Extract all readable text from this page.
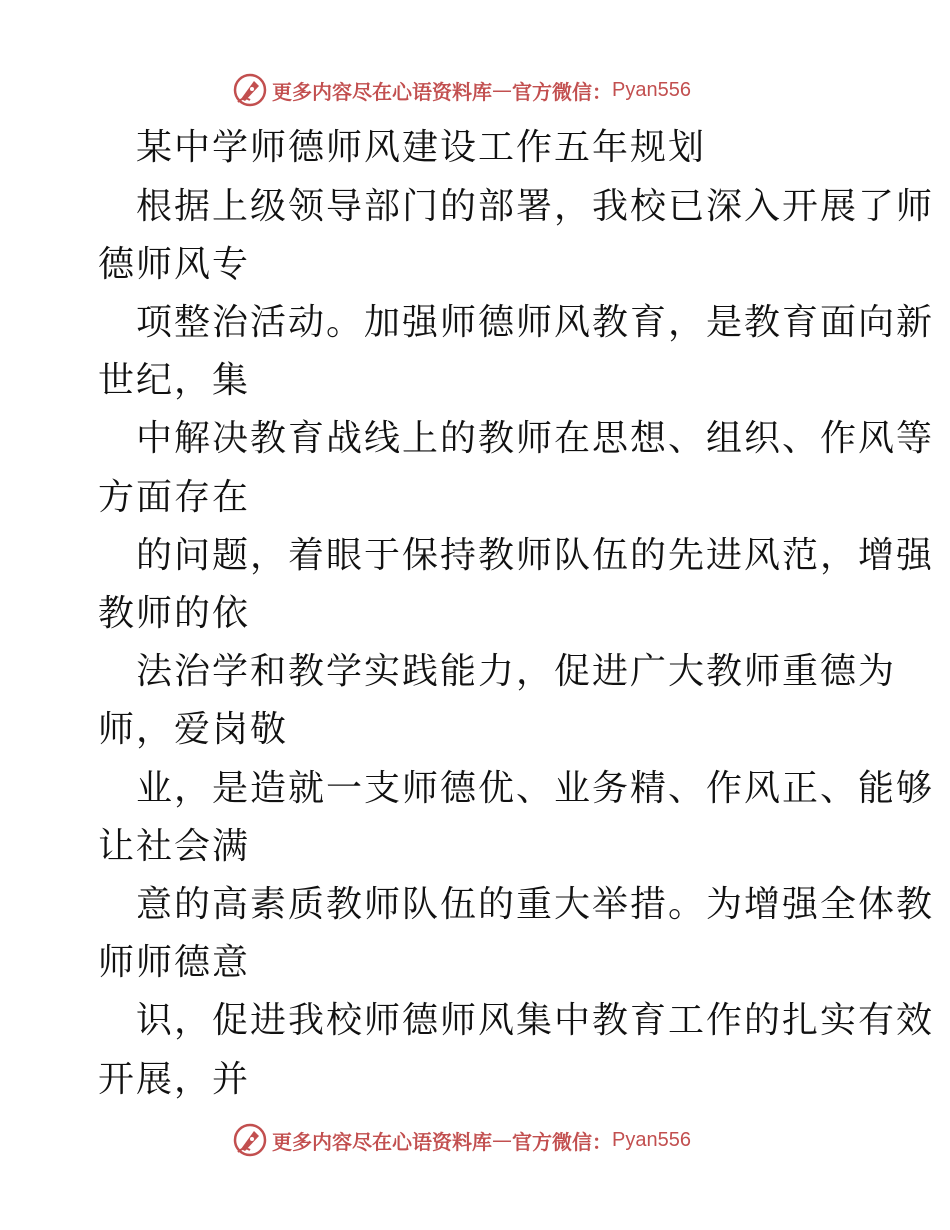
更多内容尽在心语资料库 — 官方微信： Pyan556
某中学师德师风建设工作五年规划
根据上级领导部门的部署，我校已深入开展了师
德师风专
项整治活动。加强师德师风教育，是教育面向新
世纪，集
中解决教育战线上的教师在思想、组织、作风等
方面存在
的问题，着眼于保持教师队伍的先进风范，增强
教师的依
法治学和教学实践能力，促进广大教师重德为
师，爱岗敬
业，是造就一支师德优、业务精、作风正、能够
让社会满
意的高素质教师队伍的重大举措。为增强全体教
师师德意
识，促进我校师德师风集中教育工作的扎实有效
开展，并
更多内容尽在心语资料库 — 官方微信： Pyan556
